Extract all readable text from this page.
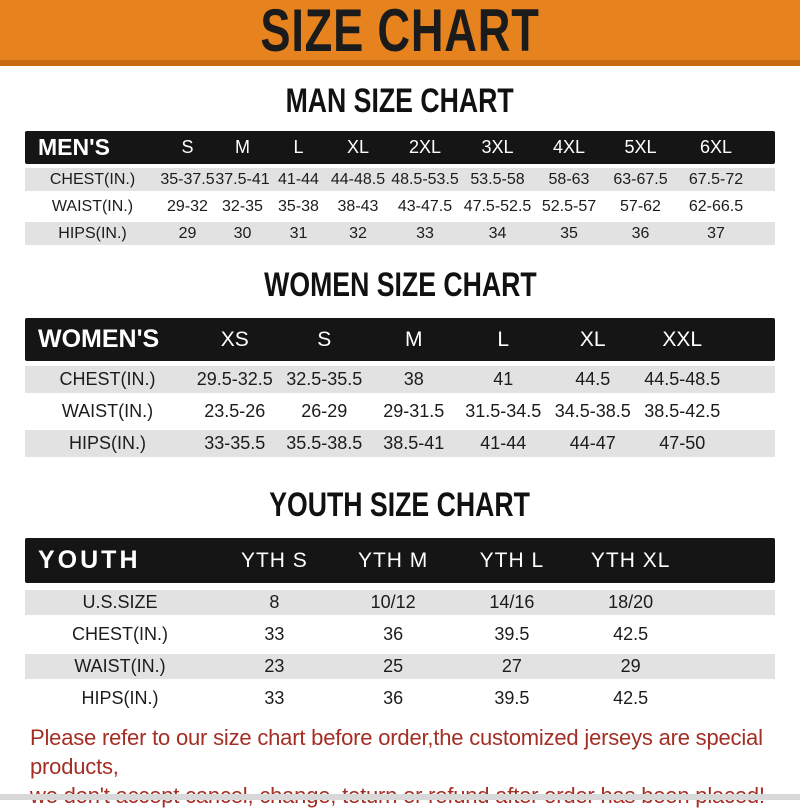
SIZE CHART
MAN SIZE CHART
MEN'S	S	M	L	XL	2XL	3XL	4XL	5XL	6XL
CHEST(IN.)	35-37.5 37.5-41 41-44 44-48.5 48.5-53.5 53.5-58	58-63	63-67.5	67.5-72
WAIST(IN.)	29-32 32-35 35-38	38-43	43-47.5 47.5-52.5 52.5-57	57-62	62-66.5
HIPS(IN.)	29	30	31	32	33	34	35	36	37
WOMEN SIZE CHART
WOMEN'S	XS	S	M	L	XL	XXL
CHEST(IN.)	29.5-32.5 32.5-35.5	38	41	44.5	44.5-48.5
WAIST(IN.)	23.5-26	26-29	29-31.5	31.5-34.5 34.5-38.5 38.5-42.5
HIPS(IN.)	33-35.5	35.5-38.5	38.5-41	41-44	44-47	47-50
YOUTH SIZE CHART
YOUTH	YTH S	YTH M	YTH L	YTH XL
U.S.SIZE	8	10/12	14/16	18/20
CHEST(IN.)	33	36	39.5	42.5
WAIST(IN.)	23	25	27	29
HIPS(IN.)	33	36	39.5	42.5
Please refer to our size chart before order,the customized jerseys are special products,
